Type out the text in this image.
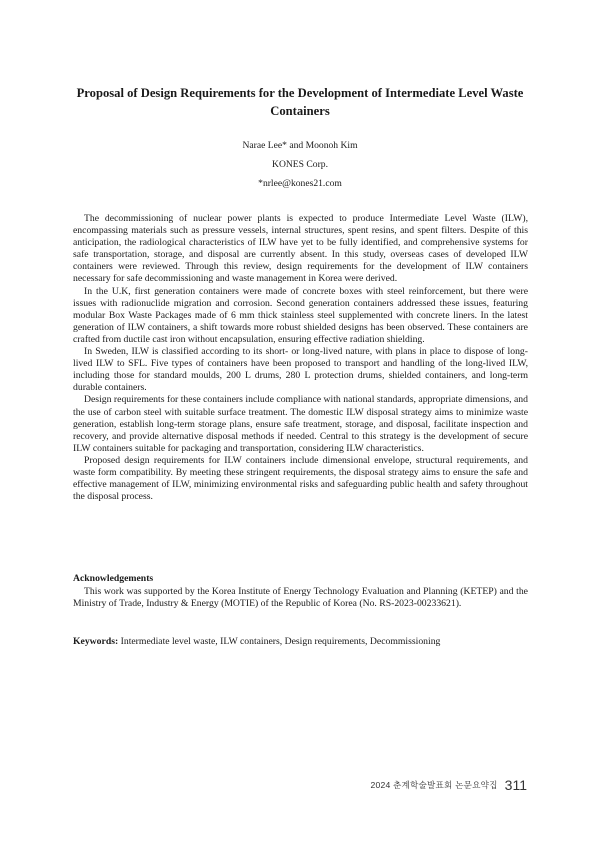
Proposal of Design Requirements for the Development of Intermediate Level Waste Containers
Narae Lee* and Moonoh Kim
KONES Corp.
*nrlee@kones21.com

The decommissioning of nuclear power plants is expected to produce Intermediate Level Waste (ILW), encompassing materials such as pressure vessels, internal structures, spent resins, and spent filters. Despite of this anticipation, the radiological characteristics of ILW have yet to be fully identified, and comprehensive systems for safe transportation, storage, and disposal are currently absent. In this study, overseas cases of developed ILW containers were reviewed. Through this review, design requirements for the development of ILW containers necessary for safe decommissioning and waste management in Korea were derived.

In the U.K, first generation containers were made of concrete boxes with steel reinforcement, but there were issues with radionuclide migration and corrosion. Second generation containers addressed these issues, featuring modular Box Waste Packages made of 6 mm thick stainless steel supplemented with concrete liners. In the latest generation of ILW containers, a shift towards more robust shielded designs has been observed. These containers are crafted from ductile cast iron without encapsulation, ensuring effective radiation shielding.

In Sweden, ILW is classified according to its short- or long-lived nature, with plans in place to dispose of long-lived ILW to SFL. Five types of containers have been proposed to transport and handling of the long-lived ILW, including those for standard moulds, 200 L drums, 280 L protection drums, shielded containers, and long-term durable containers.

Design requirements for these containers include compliance with national standards, appropriate dimensions, and the use of carbon steel with suitable surface treatment. The domestic ILW disposal strategy aims to minimize waste generation, establish long-term storage plans, ensure safe treatment, storage, and disposal, facilitate inspection and recovery, and provide alternative disposal methods if needed. Central to this strategy is the development of secure ILW containers suitable for packaging and transportation, considering ILW characteristics.

Proposed design requirements for ILW containers include dimensional envelope, structural requirements, and waste form compatibility. By meeting these stringent requirements, the disposal strategy aims to ensure the safe and effective management of ILW, minimizing environmental risks and safeguarding public health and safety throughout the disposal process.

Acknowledgements

This work was supported by the Korea Institute of Energy Technology Evaluation and Planning (KETEP) and the Ministry of Trade, Industry & Energy (MOTIE) of the Republic of Korea (No. RS-2023-00233621).

Keywords: Intermediate level waste, ILW containers, Design requirements, Decommissioning

2024 춘계학술발표회 논문요약집 311
